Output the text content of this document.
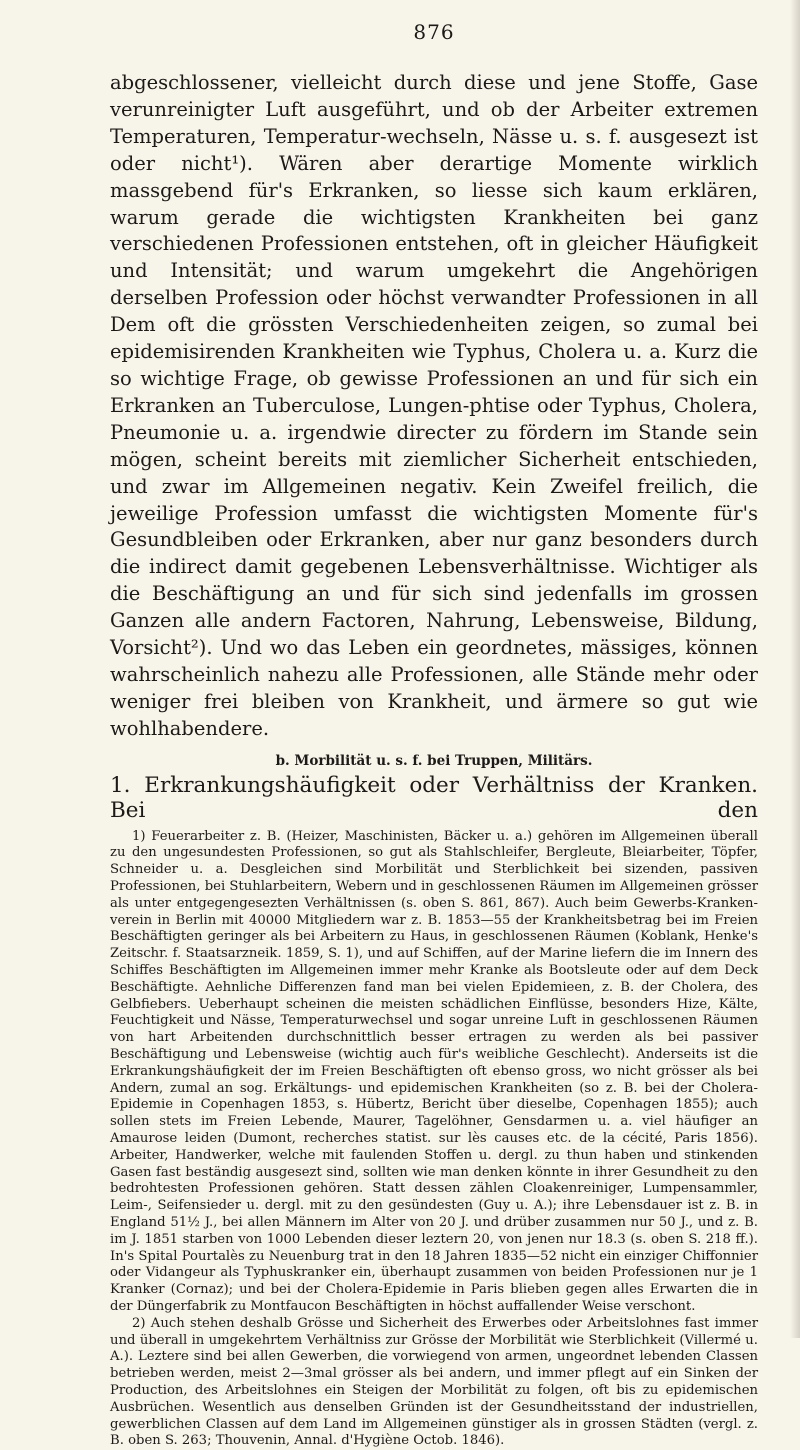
876

abgeschlossener, vielleicht durch diese und jene Stoffe, Gase verunreinigter Luft ausgeführt, und ob der Arbeiter extremen Temperaturen, Temperatur-wechseln, Nässe u. s. f. ausgesezt ist oder nicht¹). Wären aber derartige Momente wirklich massgebend für's Erkranken, so liesse sich kaum erklären, warum gerade die wichtigsten Krankheiten bei ganz verschiedenen Professionen entstehen, oft in gleicher Häufigkeit und Intensität; und warum umgekehrt die Angehörigen derselben Profession oder höchst verwandter Professionen in all Dem oft die grössten Verschiedenheiten zeigen, so zumal bei epidemisirenden Krankheiten wie Typhus, Cholera u. a. Kurz die so wichtige Frage, ob gewisse Professionen an und für sich ein Erkranken an Tuberculose, Lungen-phtise oder Typhus, Cholera, Pneumonie u. a. irgendwie directer zu fördern im Stande sein mögen, scheint bereits mit ziemlicher Sicherheit entschieden, und zwar im Allgemeinen negativ. Kein Zweifel freilich, die jeweilige Profession umfasst die wichtigsten Momente für's Gesundbleiben oder Erkranken, aber nur ganz besonders durch die indirect damit gegebenen Lebensverhältnisse. Wichtiger als die Beschäftigung an und für sich sind jedenfalls im grossen Ganzen alle andern Factoren, Nahrung, Lebensweise, Bildung, Vorsicht²). Und wo das Leben ein geordnetes, mässiges, können wahrscheinlich nahezu alle Professionen, alle Stände mehr oder weniger frei bleiben von Krankheit, und ärmere so gut wie wohlhabendere.

b. Morbilität u. s. f. bei Truppen, Militärs.
1. Erkrankungshäufigkeit oder Verhältniss der Kranken. Bei den

1) Feuerarbeiter z. B. (Heizer, Maschinisten, Bäcker u. a.) gehören im Allgemeinen überall zu den ungesundesten Professionen, so gut als Stahlschleifer, Bergleute, Bleiarbeiter, Töpfer, Schneider u. a. Desgleichen sind Morbilität und Sterblichkeit bei sizenden, passiven Professionen, bei Stuhlarbeitern, Webern und in geschlossenen Räumen im Allgemeinen grösser als unter entgegengesezten Verhältnissen (s. oben S. 861, 867). Auch beim Gewerbs-Kranken-verein in Berlin mit 40000 Mitgliedern war z. B. 1853—55 der Krankheitsbetrag bei im Freien Beschäftigten geringer als bei Arbeitern zu Haus, in geschlossenen Räumen (Koblank, Henke's Zeitschr. f. Staatsarzneik. 1859, S. 1), und auf Schiffen, auf der Marine liefern die im Innern des Schiffes Beschäftigten im Allgemeinen immer mehr Kranke als Bootsleute oder auf dem Deck Beschäftigte. Aehnliche Differenzen fand man bei vielen Epidemieen, z. B. der Cholera, des Gelbfiebers. Ueberhaupt scheinen die meisten schädlichen Einflüsse, besonders Hize, Kälte, Feuchtigkeit und Nässe, Temperaturwechsel und sogar unreine Luft in geschlossenen Räumen von hart Arbeitenden durchschnittlich besser ertragen zu werden als bei passiver Beschäftigung und Lebensweise (wichtig auch für's weibliche Geschlecht). Anderseits ist die Erkrankungshäufigkeit der im Freien Beschäftigten oft ebenso gross, wo nicht grösser als bei Andern, zumal an sog. Erkältungs- und epidemischen Krankheiten (so z. B. bei der Cholera-Epidemie in Copenhagen 1853, s. Hübertz, Bericht über dieselbe, Copenhagen 1855); auch sollen stets im Freien Lebende, Maurer, Tagelöhner, Gensdarmen u. a. viel häufiger an Amaurose leiden (Dumont, recherches statist. sur lès causes etc. de la cécité, Paris 1856). Arbeiter, Handwerker, welche mit faulenden Stoffen u. dergl. zu thun haben und stinkenden Gasen fast beständig ausgesezt sind, sollten wie man denken könnte in ihrer Gesundheit zu den bedrohtesten Professionen gehören. Statt dessen zählen Cloakenreiniger, Lumpensammler, Leim-, Seifensieder u. dergl. mit zu den gesündesten (Guy u. A.); ihre Lebensdauer ist z. B. in England 51½ J., bei allen Männern im Alter von 20 J. und drüber zusammen nur 50 J., und z. B. im J. 1851 starben von 1000 Lebenden dieser leztern 20, von jenen nur 18.3 (s. oben S. 218 ff.). In's Spital Pourtalès zu Neuenburg trat in den 18 Jahren 1835—52 nicht ein einziger Chiffonnier oder Vidangeur als Typhuskranker ein, überhaupt zusammen von beiden Professionen nur je 1 Kranker (Cornaz); und bei der Cholera-Epidemie in Paris blieben gegen alles Erwarten die in der Düngerfabrik zu Montfaucon Beschäftigten in höchst auffallender Weise verschont.

2) Auch stehen deshalb Grösse und Sicherheit des Erwerbes oder Arbeitslohnes fast immer und überall in umgekehrtem Verhältniss zur Grösse der Morbilität wie Sterblichkeit (Villermé u. A.). Leztere sind bei allen Gewerben, die vorwiegend von armen, ungeordnet lebenden Classen betrieben werden, meist 2—3mal grösser als bei andern, und immer pflegt auf ein Sinken der Production, des Arbeitslohnes ein Steigen der Morbilität zu folgen, oft bis zu epidemischen Ausbrüchen. Wesentlich aus denselben Gründen ist der Gesundheitsstand der industriellen, gewerblichen Classen auf dem Land im Allgemeinen günstiger als in grossen Städten (vergl. z. B. oben S. 263; Thouvenin, Annal. d'Hygiène Octob. 1846).
